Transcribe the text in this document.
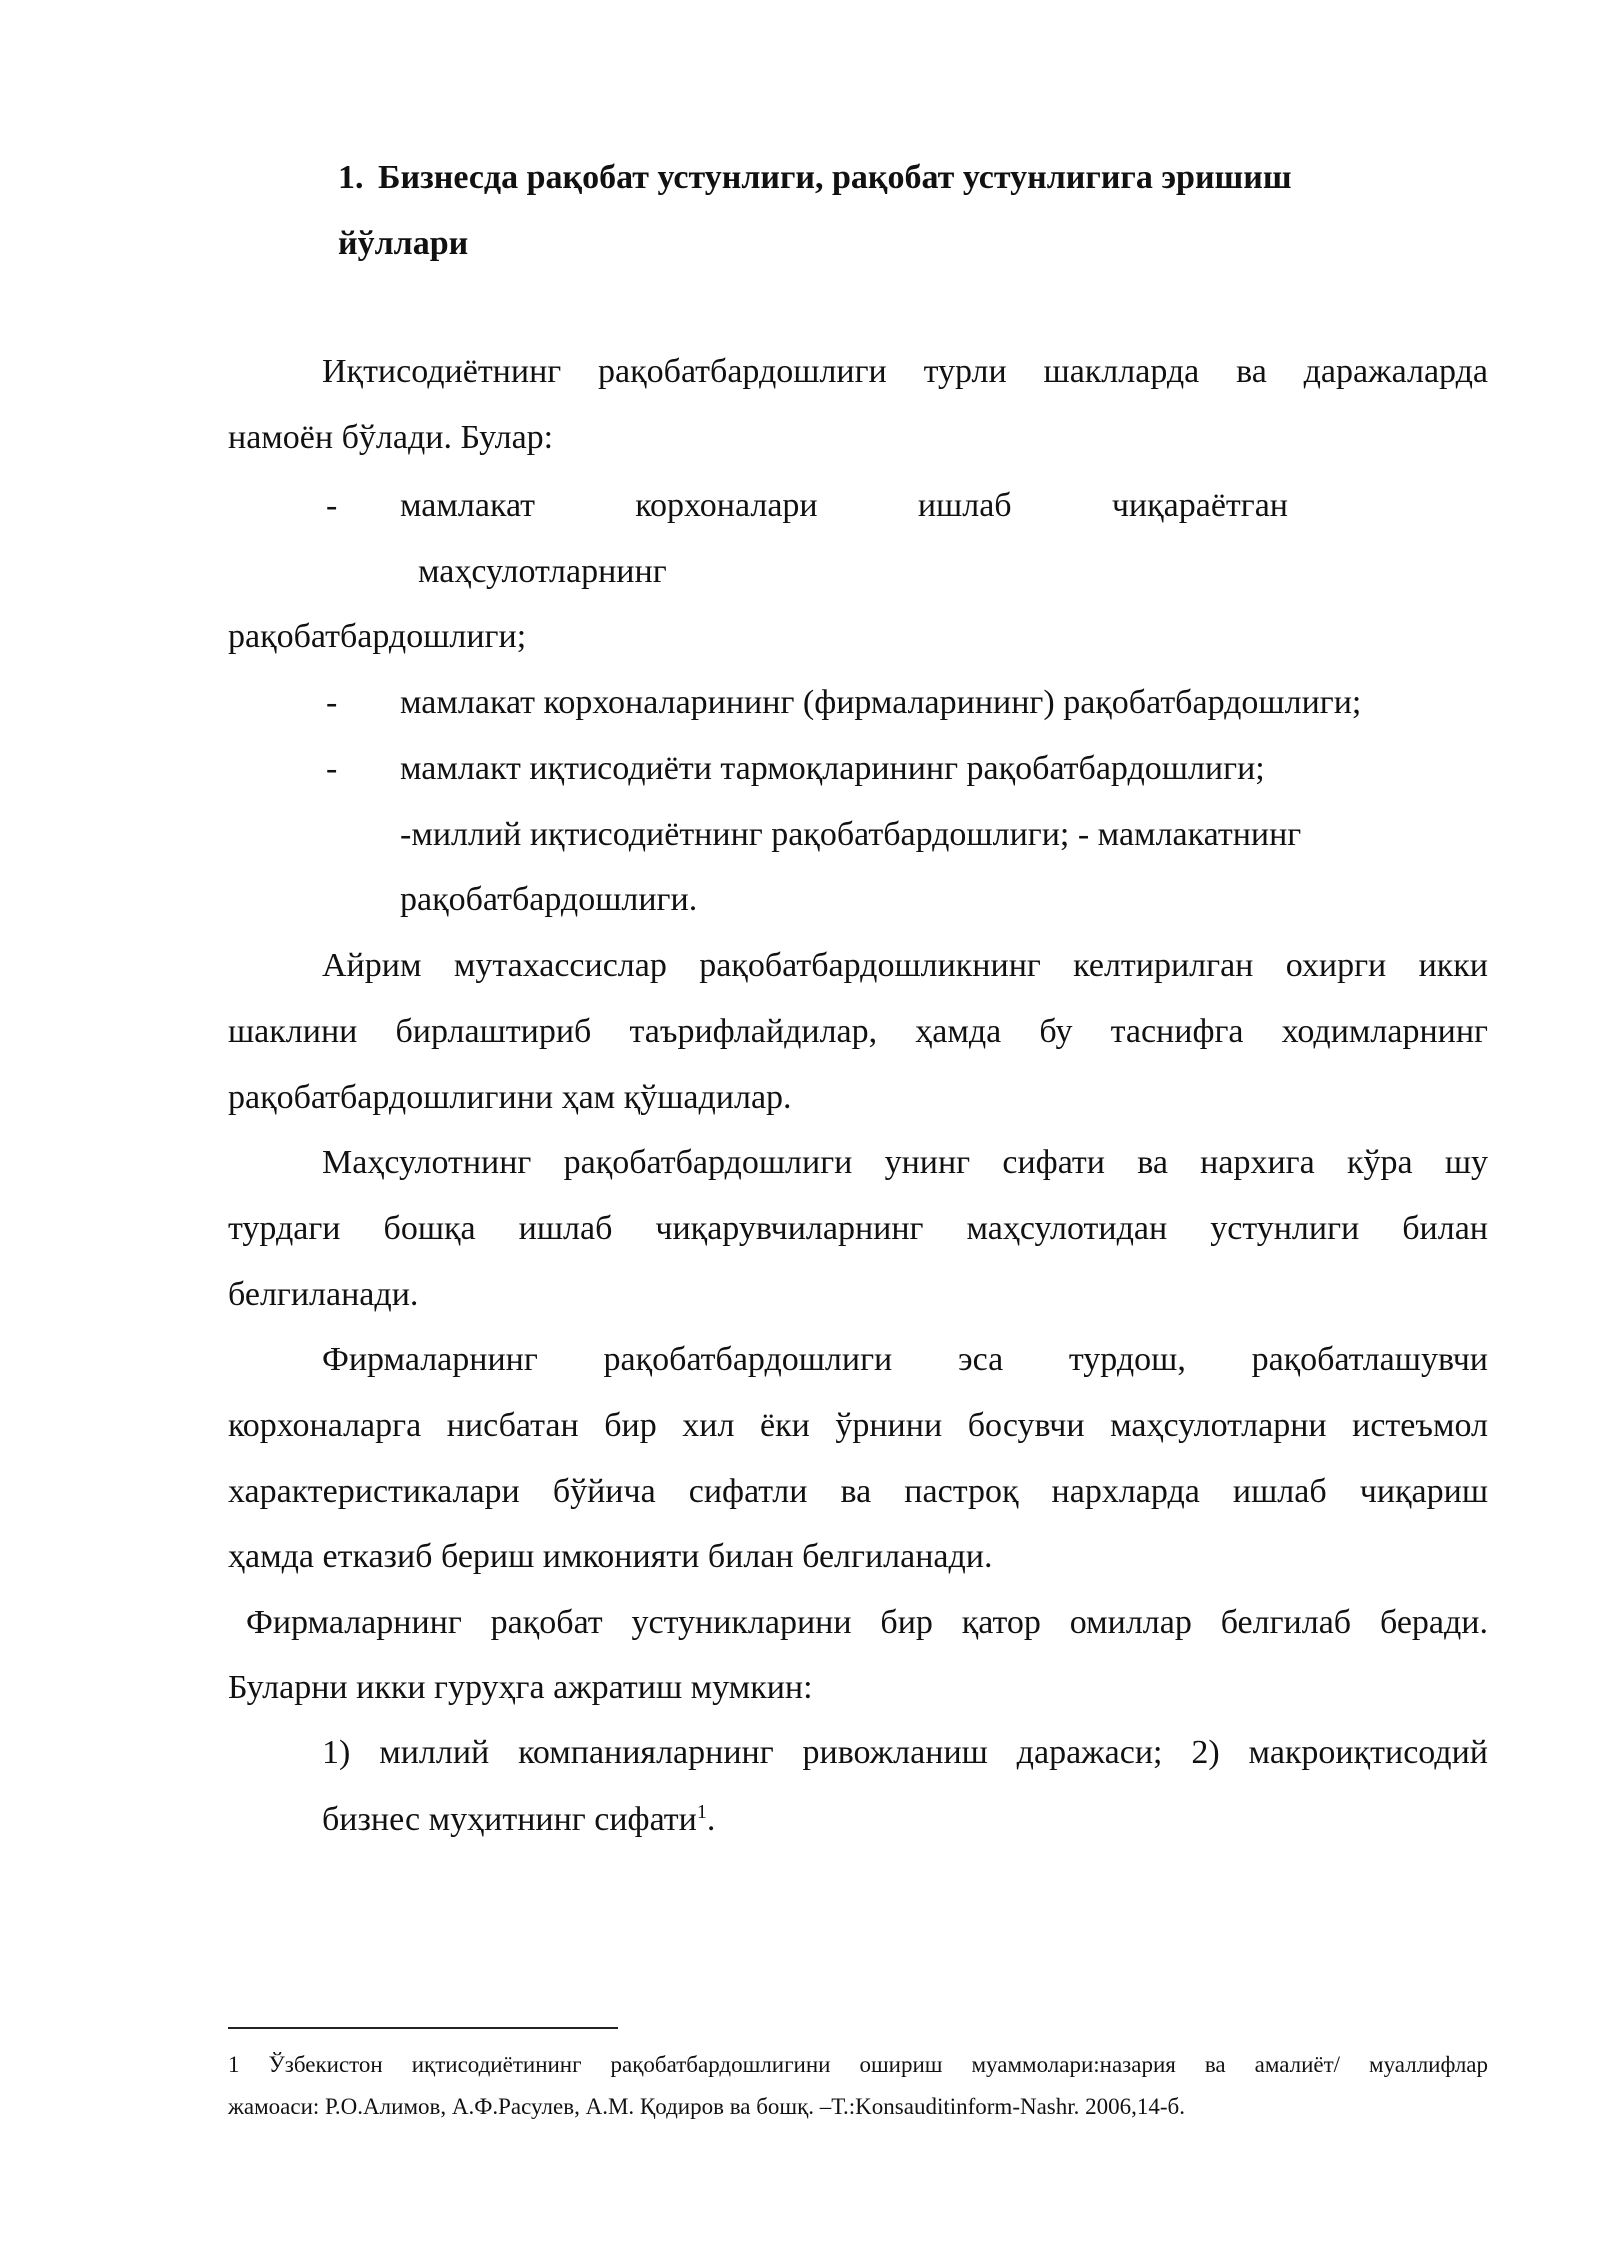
1. Бизнесда рақобат устунлиги, рақобат устунлигига эришиш
йўллари
Иқтисодиётнинг рақобатбардошлиги турли шаклларда ва даражаларда
намоён бўлади. Булар:
- мамлакат корхоналари ишлаб чиқараётган
маҳсулотларнинг
рақобатбардошлиги;
- мамлакат корхоналарининг (фирмаларининг) рақобатбардошлиги;
- мамлакт иқтисодиёти тармоқларининг рақобатбардошлиги;
-миллий иқтисодиётнинг рақобатбардошлиги; - мамлакатнинг
рақобатбардошлиги.
Айрим мутахассислар рақобатбардошликнинг келтирилган охирги икки
шаклини бирлаштириб таърифлайдилар, ҳамда бу таснифга ходимларнинг
рақобатбардошлигини ҳам қўшадилар.
Маҳсулотнинг рақобатбардошлиги унинг сифати ва нархига кўра шу
турдаги бошқа ишлаб чиқарувчиларнинг маҳсулотидан устунлиги билан
белгиланади.
Фирмаларнинг рақобатбардошлиги эса турдош, рақобатлашувчи
корхоналарга нисбатан бир хил ёки ўрнини босувчи маҳсулотларни истеъмол
характеристикалари бўйича сифатли ва пастроқ нархларда ишлаб чиқариш
ҳамда етказиб бериш имконияти билан белгиланади.
Фирмаларнинг рақобат устуникларини бир қатор омиллар белгилаб беради.
Буларни икки гуруҳга ажратиш мумкин:
1) миллий компанияларнинг ривожланиш даражаси; 2) макроиқтисодий
бизнес муҳитнинг сифати$^1$.
1 Ўзбекистон иқтисодиётининг рақобатбардошлигини ошириш муаммолари:назария ва амалиёт/ муаллифлар
жамоаси: Р.О.Алимов, А.Ф.Расулев, А.М. Қодиров ва бошқ. –Т.:Konsauditinform-Nashr. 2006,14-б.
